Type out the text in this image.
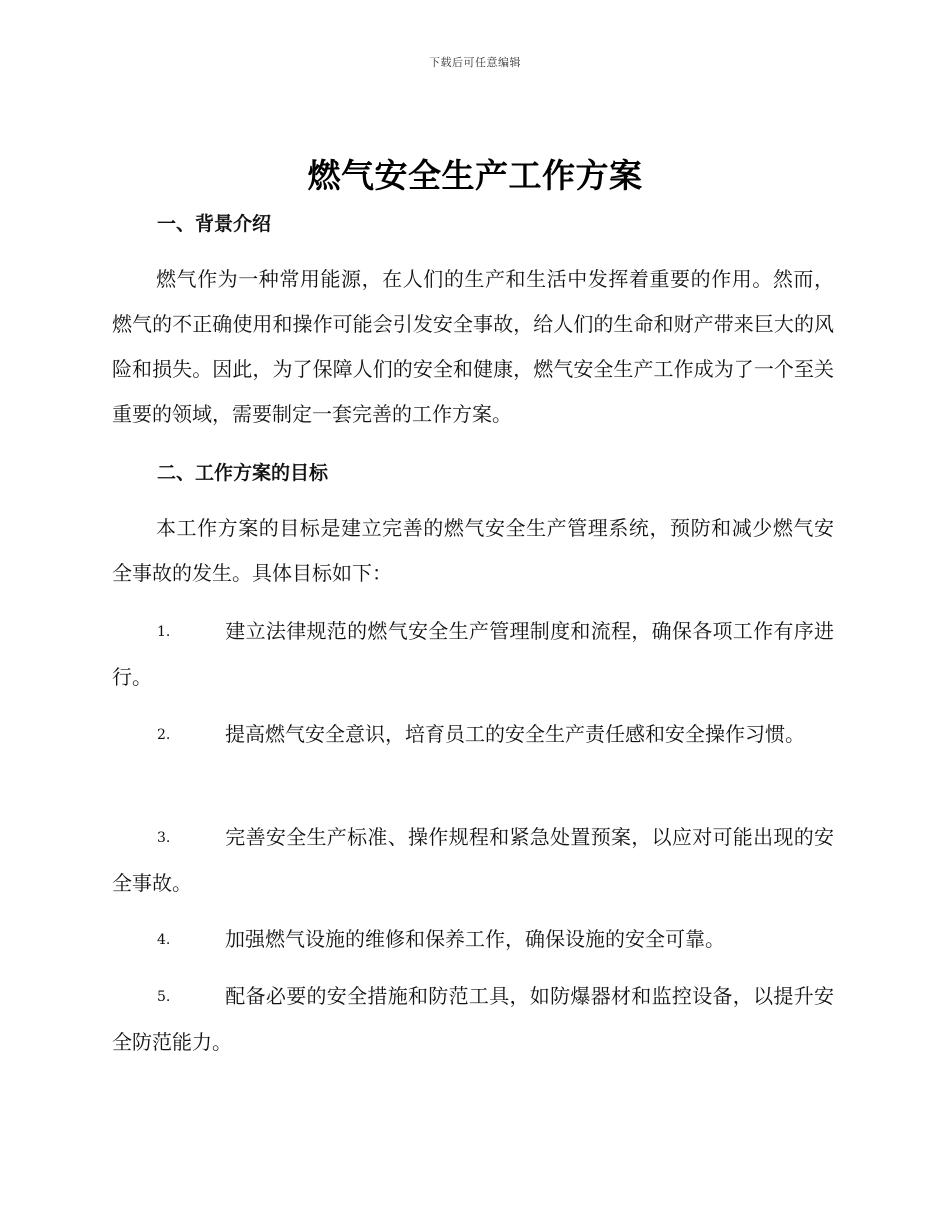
下载后可任意编辑
燃气安全生产工作方案
一、背景介绍

燃气作为一种常用能源，在人们的生产和生活中发挥着重要的作用。然而，燃气的不正确使用和操作可能会引发安全事故，给人们的生命和财产带来巨大的风险和损失。因此，为了保障人们的安全和健康，燃气安全生产工作成为了一个至关重要的领域，需要制定一套完善的工作方案。

二、工作方案的目标

本工作方案的目标是建立完善的燃气安全生产管理系统，预防和减少燃气安全事故的发生。具体目标如下：

1.	建立法律规范的燃气安全生产管理制度和流程，确保各项工作有序进行。

2.	提高燃气安全意识，培育员工的安全生产责任感和安全操作习惯。

3.	完善安全生产标准、操作规程和紧急处置预案，以应对可能出现的安全事故。

4.	加强燃气设施的维修和保养工作，确保设施的安全可靠。

5.	配备必要的安全措施和防范工具，如防爆器材和监控设备，以提升安全防范能力。
